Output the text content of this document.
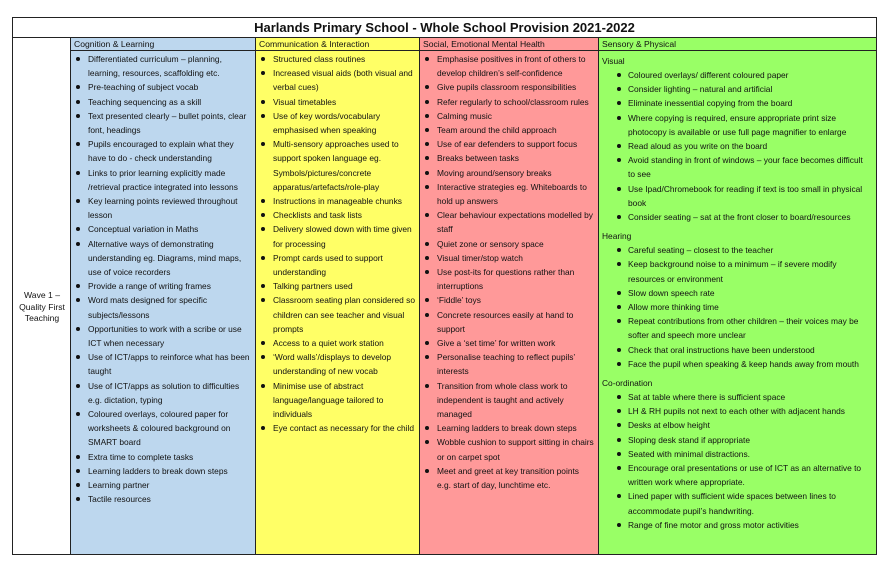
Harlands Primary School - Whole School Provision 2021-2022
Wave 1 – Quality First Teaching
Cognition & Learning
Differentiated curriculum – planning, learning, resources, scaffolding etc.
Pre-teaching of subject vocab
Teaching sequencing as a skill
Text presented clearly – bullet points, clear font, headings
Pupils encouraged to explain what they have to do - check understanding
Links to prior learning explicitly made /retrieval practice integrated into lessons
Key learning points reviewed throughout lesson
Conceptual variation in Maths
Alternative ways of demonstrating understanding eg. Diagrams, mind maps, use of voice recorders
Provide a range of writing frames
Word mats designed for specific subjects/lessons
Opportunities to work with a scribe or use ICT when necessary
Use of ICT/apps to reinforce what has been taught
Use of ICT/apps as solution to difficulties e.g. dictation, typing
Coloured overlays, coloured paper for worksheets & coloured background on SMART board
Extra time to complete tasks
Learning ladders to break down steps
Learning partner
Tactile resources
Communication & Interaction
Structured class routines
Increased visual aids (both visual and verbal cues)
Visual timetables
Use of key words/vocabulary emphasised when speaking
Multi-sensory approaches used to support spoken language eg. Symbols/pictures/concrete apparatus/artefacts/role-play
Instructions in manageable chunks
Checklists and task lists
Delivery slowed down with time given for processing
Prompt cards used to support understanding
Talking partners used
Classroom seating plan considered so children can see teacher and visual prompts
Access to a quiet work station
‘Word walls’/displays to develop understanding of new vocab
Minimise use of abstract language/language tailored to individuals
Eye contact as necessary for the child
Social, Emotional Mental Health
Emphasise positives in front of others to develop children’s self-confidence
Give pupils classroom responsibilities
Refer regularly to school/classroom rules
Calming music
Team around the child approach
Use of ear defenders to support focus
Breaks between tasks
Moving around/sensory breaks
Interactive strategies eg. Whiteboards to hold up answers
Clear behaviour expectations modelled by staff
Quiet zone or sensory space
Visual timer/stop watch
Use post-its for questions rather than interruptions
‘Fiddle’ toys
Concrete resources easily at hand to support
Give a ‘set time’ for written work
Personalise teaching to reflect pupils’ interests
Transition from whole class work to independent is taught and actively managed
Learning ladders to break down steps
Wobble cushion to support sitting in chairs or on carpet spot
Meet and greet at key transition points e.g. start of day, lunchtime etc.
Sensory & Physical
Visual
Coloured overlays/ different coloured paper
Consider lighting – natural and artificial
Eliminate inessential copying from the board
Where copying is required, ensure appropriate print size photocopy is available or use full page magnifier to enlarge
Read aloud as you write on the board
Avoid standing in front of windows – your face becomes difficult to see
Use Ipad/Chromebook for reading if text is too small in physical book
Consider seating – sat at the front closer to board/resources
Hearing
Careful seating – closest to the teacher
Keep background noise to a minimum – if severe modify resources or environment
Slow down speech rate
Allow more thinking time
Repeat contributions from other children – their voices may be softer and speech more unclear
Check that oral instructions have been understood
Face the pupil when speaking & keep hands away from mouth
Co-ordination
Sat at table where there is sufficient space
LH & RH pupils not next to each other with adjacent hands
Desks at elbow height
Sloping desk stand if appropriate
Seated with minimal distractions.
Encourage oral presentations or use of ICT as an alternative to written work where appropriate.
Lined paper with sufficient wide spaces between lines to accommodate pupil’s handwriting.
Range of fine motor and gross motor activities
